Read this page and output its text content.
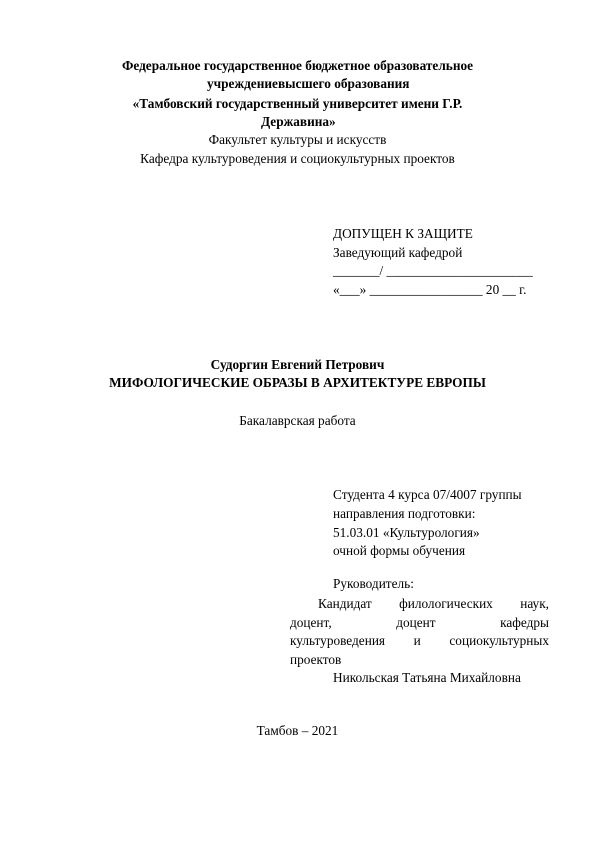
Федеральное государственное бюджетное образовательное
учреждениевысшего образования
«Тамбовский государственный университет имени Г.Р.
Державина»
Факультет культуры и искусств
Кафедра культуроведения и социокультурных проектов
ДОПУЩЕН К ЗАЩИТЕ
Заведующий кафедрой
_______/ ______________________
«___» _________________ 20 __ г.
Судоргин Евгений Петрович
МИФОЛОГИЧЕСКИЕ ОБРАЗЫ В АРХИТЕКТУРЕ ЕВРОПЫ
Бакалаврская работа
Студента 4 курса 07/4007 группы
направления подготовки:
51.03.01 «Культурология»
очной формы обучения
Руководитель:
Кандидат филологических наук,
доцент,	доцент	кафедры
культуроведения и социокультурных
проектов
Никольская Татьяна Михайловна
Тамбов – 2021
